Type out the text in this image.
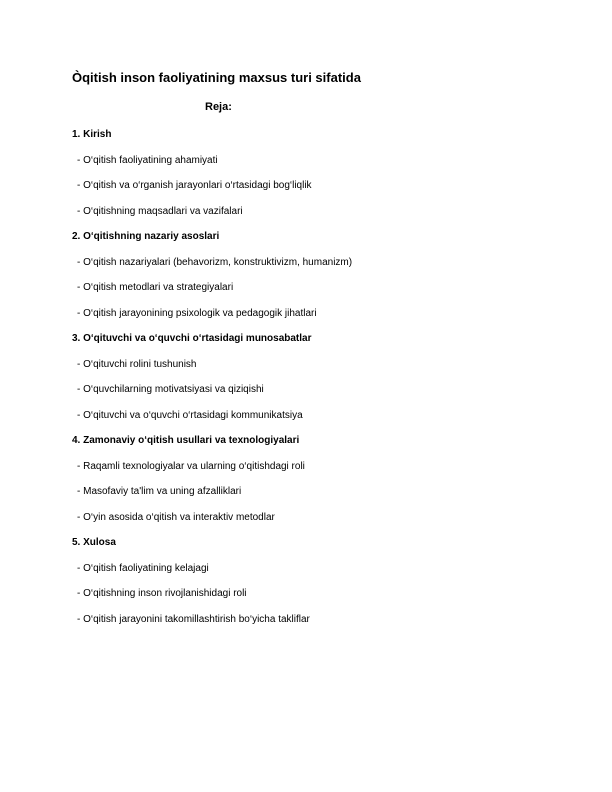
Òqitish inson faoliyatining maxsus turi sifatida
Reja:
1. Kirish
- O‘qitish faoliyatining ahamiyati
- O‘qitish va o‘rganish jarayonlari o‘rtasidagi bog‘liqlik
- O‘qitishning maqsadlari va vazifalari
2. O‘qitishning nazariy asoslari
- O‘qitish nazariyalari (behavorizm, konstruktivizm, humanizm)
- O‘qitish metodlari va strategiyalari
- O‘qitish jarayonining psixologik va pedagogik jihatlari
3. O‘qituvchi va o‘quvchi o‘rtasidagi munosabatlar
- O‘qituvchi rolini tushunish
- O‘quvchilarning motivatsiyasi va qiziqishi
- O‘qituvchi va o‘quvchi o‘rtasidagi kommunikatsiya
4. Zamonaviy o‘qitish usullari va texnologiyalari
- Raqamli texnologiyalar va ularning o‘qitishdagi roli
- Masofaviy ta'lim va uning afzalliklari
- O‘yin asosida o‘qitish va interaktiv metodlar
5. Xulosa
- O‘qitish faoliyatining kelajagi
- O‘qitishning inson rivojlanishidagi roli
- O‘qitish jarayonini takomillashtirish bo‘yicha takliflar
